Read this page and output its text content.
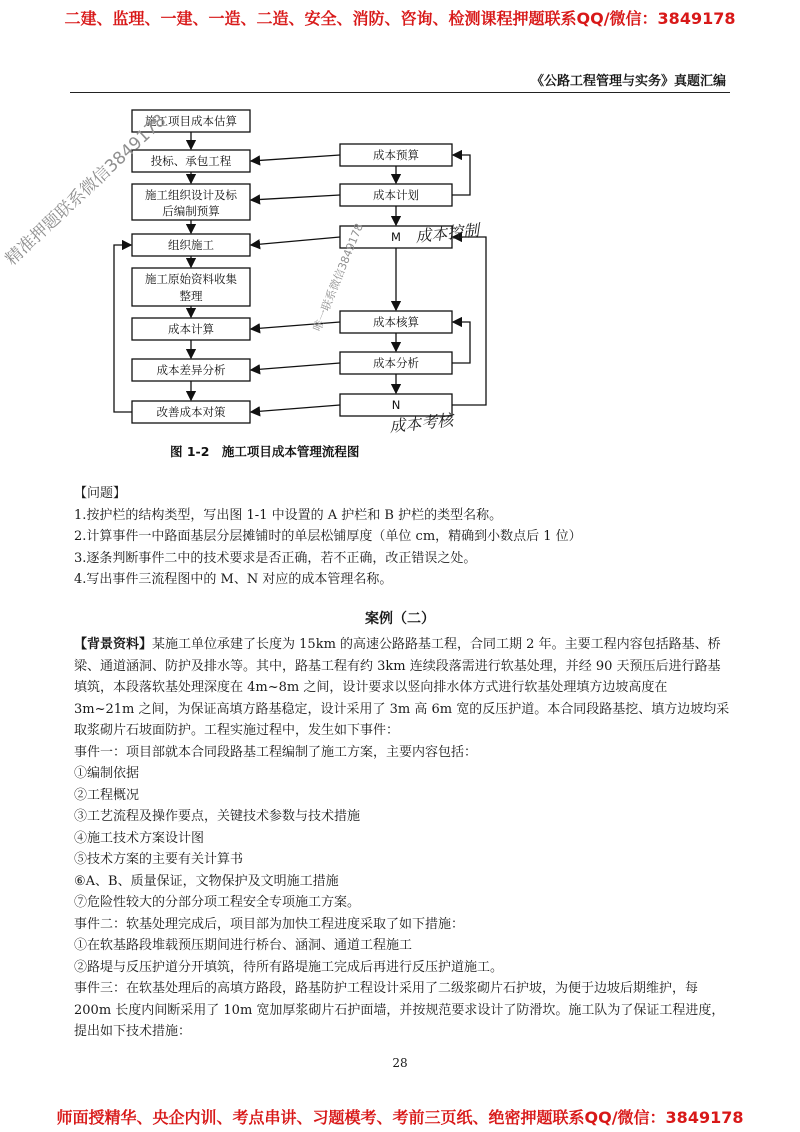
二建、监理、一建、一造、二造、安全、消防、咨询、检测课程押题联系QQ/微信：3849178
《公路工程管理与实务》真题汇编
施工项目成本估算
投标、承包工程
施工组织设计及标
后编制预算
组织施工
施工原始资料收集
整理
成本计算
成本差异分析
改善成本对策
成本预算
成本计划
M
成本核算
成本分析
N
成本控制
成本考核
图 1-2　施工项目成本管理流程图
精准押题联系微信3849178
唯一联系微信3849178
【问题】
1.按护栏的结构类型，写出图 1-1 中设置的 A 护栏和 B 护栏的类型名称。
2.计算事件一中路面基层分层摊铺时的单层松铺厚度（单位 cm，精确到小数点后 1 位）
3.逐条判断事件二中的技术要求是否正确，若不正确，改正错误之处。
4.写出事件三流程图中的 M、N 对应的成本管理名称。
案例（二）
【背景资料】某施工单位承建了长度为 15km 的高速公路路基工程，合同工期 2 年。主要工程内容包括路基、桥梁、通道涵洞、防护及排水等。其中，路基工程有约 3km 连续段落需进行软基处理，并经 90 天预压后进行路基填筑，本段落软基处理深度在 4m~8m 之间，设计要求以竖向排水体方式进行软基处理填方边坡高度在 3m~21m 之间，为保证高填方路基稳定，设计采用了 3m 高 6m 宽的反压护道。本合同段路基挖、填方边坡均采取浆砌片石坡面防护。工程实施过程中，发生如下事件：
事件一：项目部就本合同段路基工程编制了施工方案，主要内容包括：
①编制依据
②工程概况
③工艺流程及操作要点，关键技术参数与技术措施
④施工技术方案设计图
⑤技术方案的主要有关计算书
⑥A、B、质量保证，文物保护及文明施工措施
⑦危险性较大的分部分项工程安全专项施工方案。
事件二：软基处理完成后，项目部为加快工程进度采取了如下措施：
①在软基路段堆载预压期间进行桥台、涵洞、通道工程施工
②路堤与反压护道分开填筑，待所有路堤施工完成后再进行反压护道施工。
事件三：在软基处理后的高填方路段，路基防护工程设计采用了二级浆砌片石护坡，为便于边坡后期维护，每 200m 长度内间断采用了 10m 宽加厚浆砌片石护面墙，并按规范要求设计了防滑坎。施工队为了保证工程进度，提出如下技术措施：
28
师面授精华、央企内训、考点串讲、习题模考、考前三页纸、绝密押题联系QQ/微信：3849178
